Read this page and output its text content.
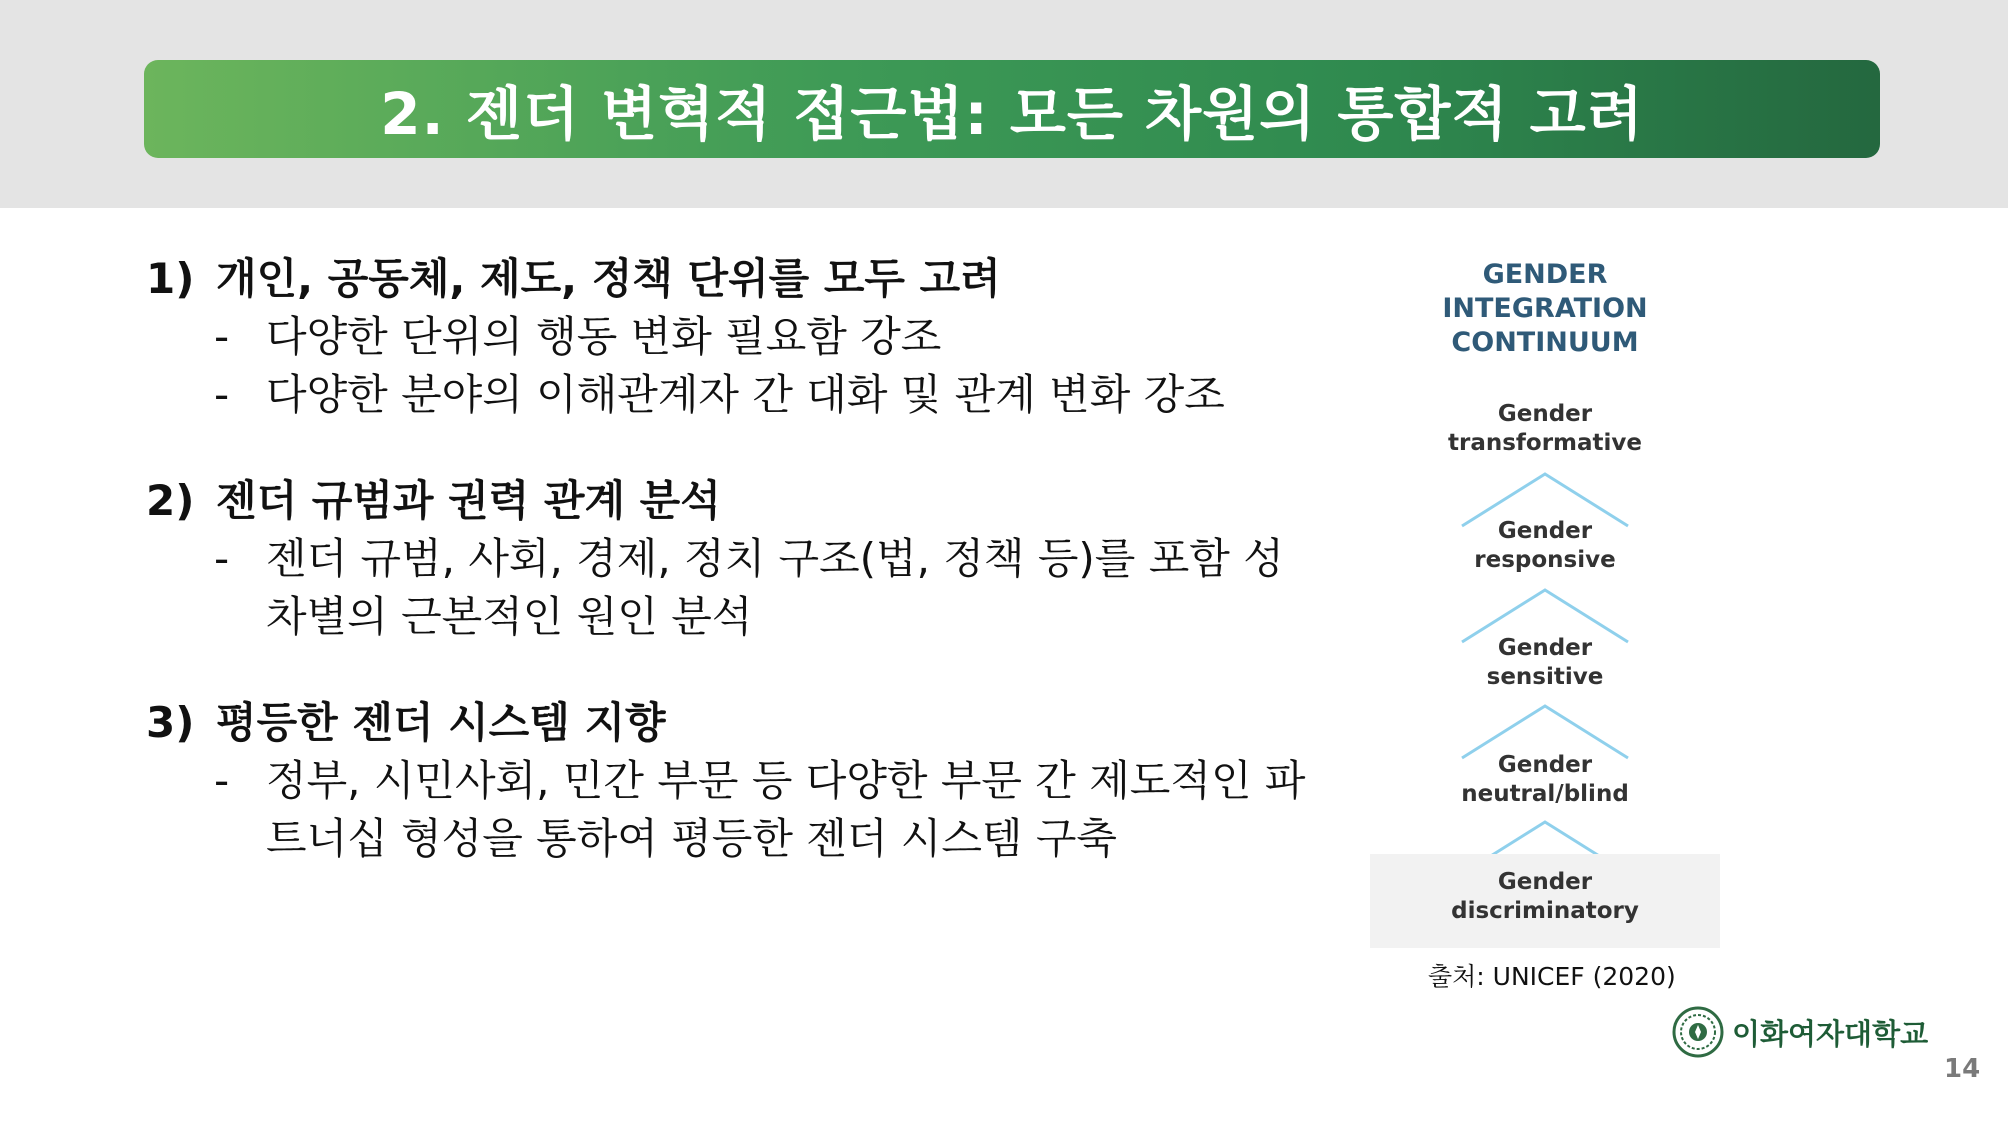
2. 젠더 변혁적 접근법: 모든 차원의 통합적 고려
1) 개인, 공동체, 제도, 정책 단위를 모두 고려
- 다양한 단위의 행동 변화 필요함 강조
- 다양한 분야의 이해관계자 간 대화 및 관계 변화 강조
2) 젠더 규범과 권력 관계 분석
- 젠더 규범, 사회, 경제, 정치 구조(법, 정책 등)를 포함 성차별의 근본적인 원인 분석
3) 평등한 젠더 시스템 지향
- 정부, 시민사회, 민간 부문 등 다양한 부문 간 제도적인 파트너십 형성을 통하여 평등한 젠더 시스템 구축
GENDER
INTEGRATION
CONTINUUM
Gender
transformative
Gender
responsive
Gender
sensitive
Gender
neutral/blind
Gender
discriminatory
출처: UNICEF (2020)
이화여자대학교
14
